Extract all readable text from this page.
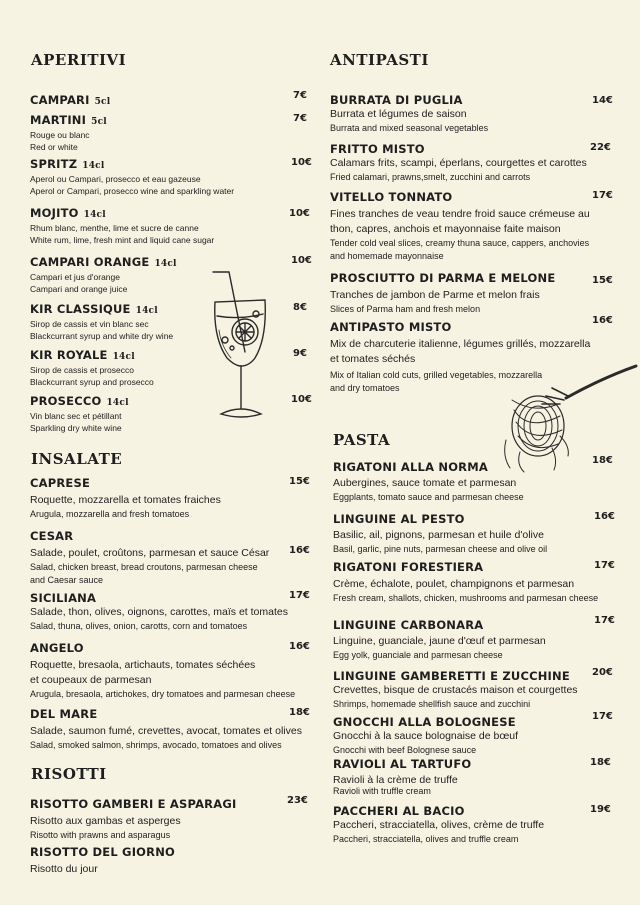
APERITIVI
CAMPARI 5cl
7€
MARTINI 5cl
Rouge ou blanc
Red or white
7€
SPRITZ 14cl
Aperol ou Campari, prosecco et eau gazeuse
Aperol or Campari, prosecco wine and sparkling water
10€
MOJITO 14cl
Rhum blanc, menthe, lime et sucre de canne
White rum, lime, fresh mint and liquid cane sugar
10€
CAMPARI ORANGE 14cl
Campari et jus d'orange
Campari and orange juice
10€
KIR CLASSIQUE 14cl
Sirop de cassis et vin blanc sec
Blackcurrant syrup and white dry wine
8€
KIR ROYALE 14cl
Sirop de cassis et prosecco
Blackcurrant syrup and prosecco
9€
PROSECCO 14cl
Vin blanc sec et pétillant
Sparkling dry white wine
10€
INSALATE
CAPRESE
Roquette, mozzarella et tomates fraiches
Arugula, mozzarella and fresh tomatoes
15€
CESAR
Salade, poulet, croûtons, parmesan et sauce César
Salad, chicken breast, bread croutons, parmesan cheese
and Caesar sauce
16€
SICILIANA
Salade, thon, olives, oignons, carottes, maïs et tomates
Salad, thuna, olives, onion, carotts, corn and tomatoes
17€
ANGELO
Roquette, bresaola, artichauts, tomates séchées
et coupeaux de parmesan
Arugula, bresaola, artichokes, dry tomatoes and parmesan cheese
16€
DEL MARE
Salade, saumon fumé, crevettes, avocat, tomates et olives
Salad, smoked salmon, shrimps, avocado, tomatoes and olives
18€
RISOTTI
RISOTTO GAMBERI E ASPARAGI
Risotto aux gambas et asperges
Risotto with prawns and asparagus
23€
RISOTTO DEL GIORNO
Risotto du jour
ANTIPASTI
BURRATA DI PUGLIA
Burrata et légumes de saison
Burrata and mixed seasonal vegetables
14€
FRITTO MISTO
Calamars frits, scampi, éperlans, courgettes et carottes
Fried calamari, prawns,smelt, zucchini and carrots
22€
VITELLO TONNATO
Fines tranches de veau tendre froid sauce crémeuse au
thon, capres, anchois et mayonnaise faite maison
Tender cold veal slices, creamy thuna sauce, cappers, anchovies
and homemade mayonnaise
17€
PROSCIUTTO DI PARMA E MELONE
Tranches de jambon de Parme et melon frais
Slices of Parma ham and fresh melon
15€
ANTIPASTO MISTO
Mix de charcuterie italienne, légumes grillés, mozzarella
et tomates séchés
Mix of Italian cold cuts, grilled vegetables, mozzarella
and dry tomatoes
16€
PASTA
RIGATONI ALLA NORMA
Aubergines, sauce tomate et parmesan
Eggplants, tomato sauce and parmesan cheese
18€
LINGUINE AL PESTO
Basilic, ail, pignons, parmesan et huile d'olive
Basil, garlic, pine nuts, parmesan cheese and olive oil
16€
RIGATONI FORESTIERA
Crème, échalote, poulet, champignons et parmesan
Fresh cream, shallots, chicken, mushrooms and parmesan cheese
17€
LINGUINE CARBONARA
Linguine, guanciale, jaune d'œuf et parmesan
Egg yolk, guanciale and parmesan cheese
17€
LINGUINE GAMBERETTI E ZUCCHINE
Crevettes, bisque de crustacés maison et courgettes
Shrimps, homemade shellfish sauce and zucchini
20€
GNOCCHI ALLA BOLOGNESE
Gnocchi à la sauce bolognaise de bœuf
Gnocchi with beef Bolognese sauce
17€
RAVIOLI AL TARTUFO
Ravioli à la crème de truffe
Ravioli with truffle cream
18€
PACCHERI AL BACIO
Paccheri, stracciatella, olives, crème de truffe
Paccheri, stracciatella, olives and truffle cream
19€
